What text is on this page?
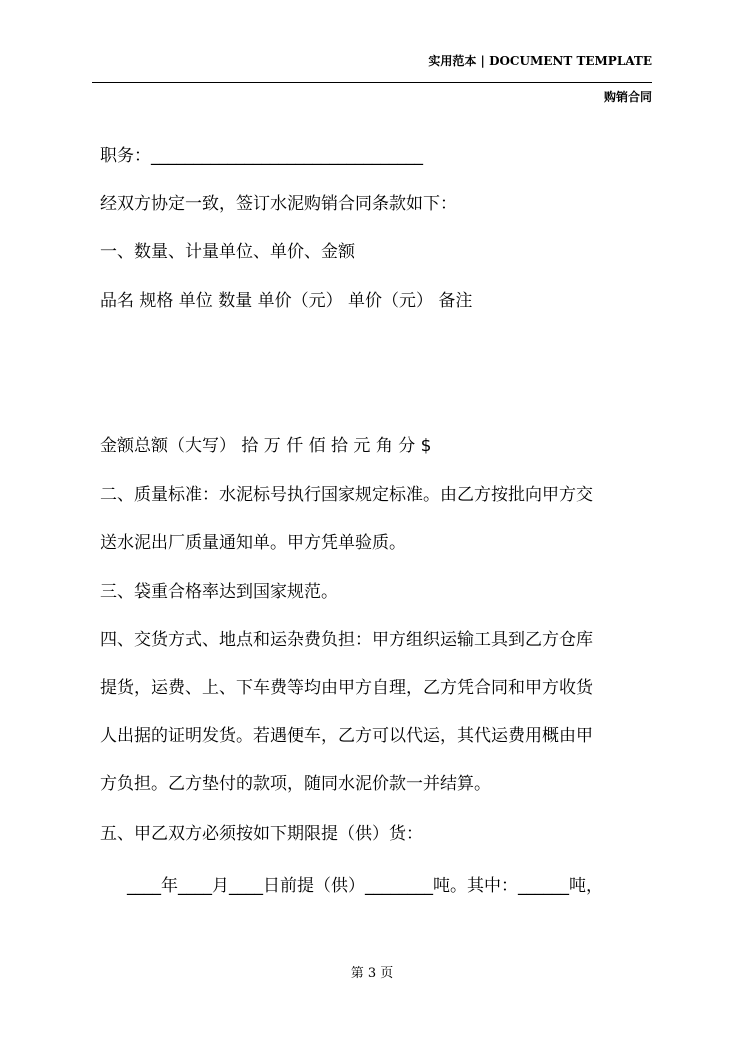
实用范本 | DOCUMENT TEMPLATE
购销合同
职务：________________________________
经双方协定一致，签订水泥购销合同条款如下：
一、数量、计量单位、单价、金额
品名 规格 单位 数量 单价（元） 单价（元） 备注
金额总额（大写） 拾 万 仟 佰 拾 元 角 分 $
二、质量标准：水泥标号执行国家规定标准。由乙方按批向甲方交
送水泥出厂质量通知单。甲方凭单验质。
三、袋重合格率达到国家规范。
四、交货方式、地点和运杂费负担：甲方组织运输工具到乙方仓库
提货，运费、上、下车费等均由甲方自理，乙方凭合同和甲方收货
人出据的证明发货。若遇便车，乙方可以代运，其代运费用概由甲
方负担。乙方垫付的款项，随同水泥价款一并结算。
五、甲乙双方必须按如下期限提（供）货：
____年____月____日前提（供）________吨。其中：______吨，
第 3 页
